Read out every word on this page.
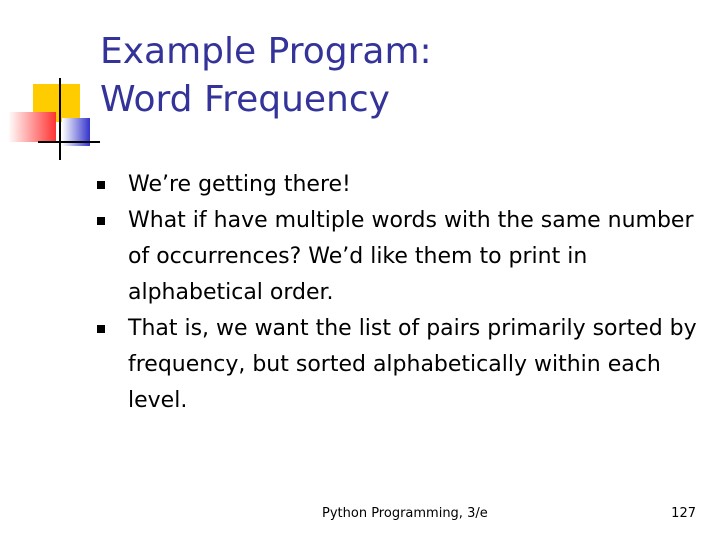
Example Program:
Word Frequency
We’re getting there!
What if have multiple words with the same number of occurrences? We’d like them to print in alphabetical order.
That is, we want the list of pairs primarily sorted by frequency, but sorted alphabetically within each level.
Python Programming, 3/e	127
